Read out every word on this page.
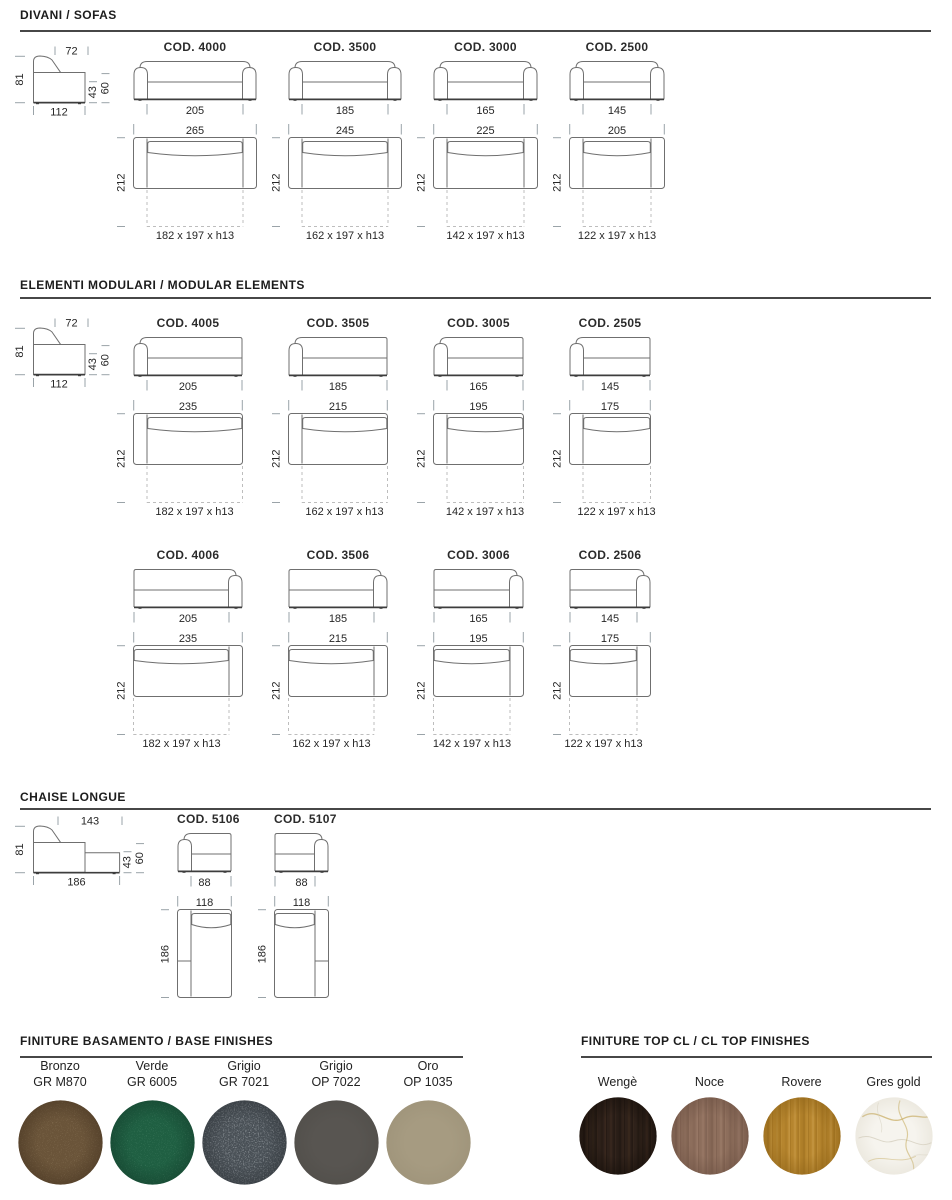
DIVANI / SOFAS
72
81
112
43 60
COD. 4000
205
265
212
182 x 197 x h13
COD. 3500
185
245
212
162 x 197 x h13
COD. 3000
165
225
212
142 x 197 x h13
COD. 2500
145
205
212
122 x 197 x h13
ELEMENTI MODULARI / MODULAR ELEMENTS
72
81
112
43 60
COD. 4005
205
235
212
182 x 197 x h13
COD. 3505
185
215
212
162 x 197 x h13
COD. 3005
165
195
212
142 x 197 x h13
COD. 2505
145
175
212
122 x 197 x h13
COD. 4006
205
235
212
182 x 197 x h13
COD. 3506
185
215
212
162 x 197 x h13
COD. 3006
165
195
212
142 x 197 x h13
COD. 2506
145
175
212
122 x 197 x h13
CHAISE LONGUE
143
81
186
43 60
COD. 5106
88
118
186
COD. 5107
88
118
186
FINITURE BASAMENTO / BASE FINISHES
Bronzo
GR M870
Verde
GR 6005
Grigio
GR 7021
Grigio
OP 7022
Oro
OP 1035
FINITURE TOP CL / CL TOP FINISHES
Wengè	Noce	Rovere	Gres gold
